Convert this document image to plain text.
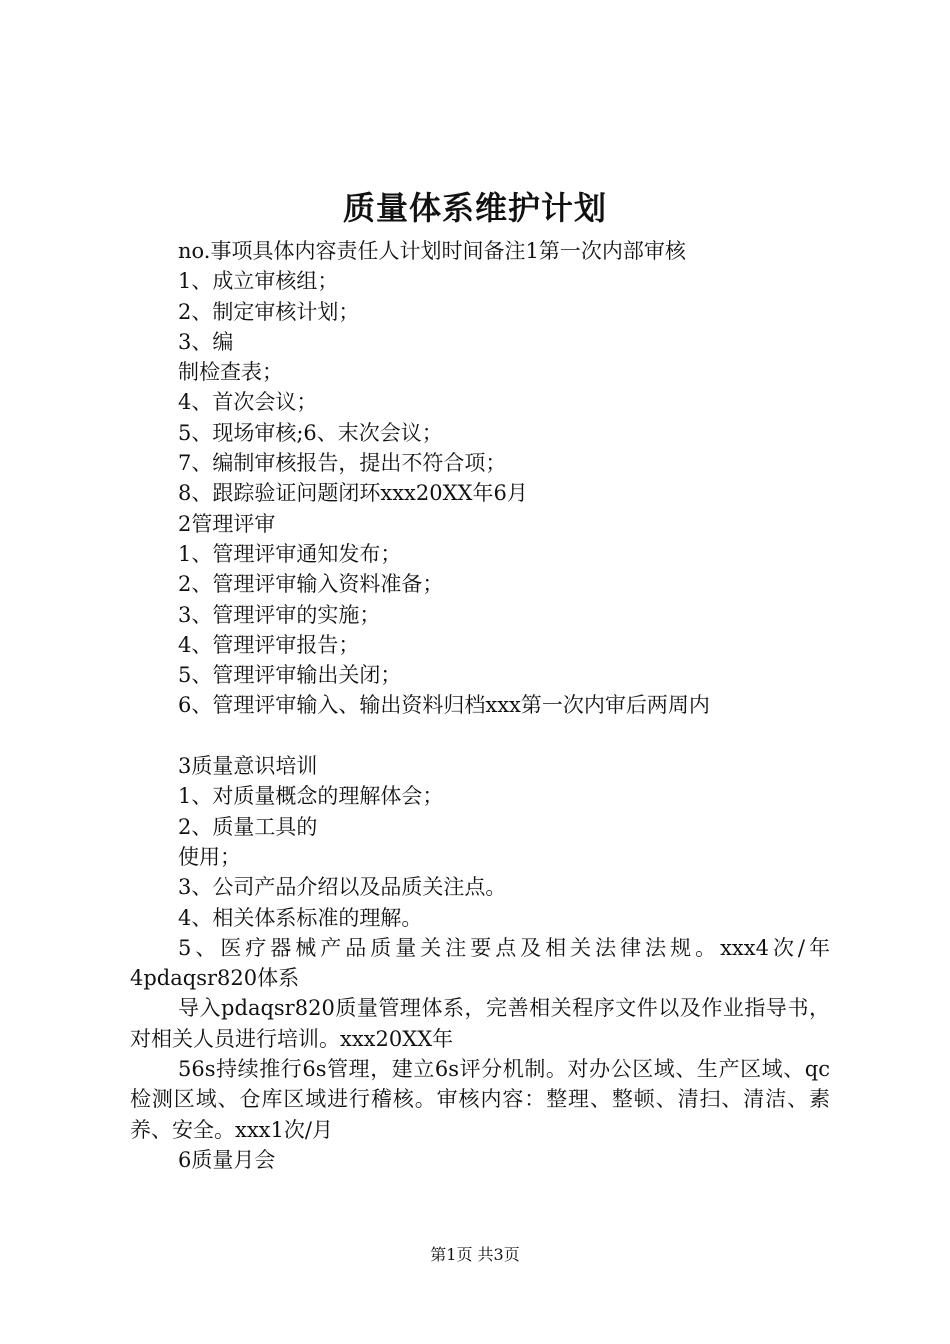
质量体系维护计划
no.事项具体内容责任人计划时间备注1第一次内部审核
1、成立审核组；
2、制定审核计划；
3、编
制检查表；
4、首次会议；
5、现场审核;6、末次会议；
7、编制审核报告，提出不符合项；
8、跟踪验证问题闭环xxx20XX年6月
2管理评审
1、管理评审通知发布；
2、管理评审输入资料准备；
3、管理评审的实施；
4、管理评审报告；
5、管理评审输出关闭；
6、管理评审输入、输出资料归档xxx第一次内审后两周内
3质量意识培训
1、对质量概念的理解体会；
2、质量工具的
使用；
3、公司产品介绍以及品质关注点。
4、相关体系标准的理解。
5、医疗器械产品质量关注要点及相关法律法规。xxx4次/年4pdaqsr820体系
导入pdaqsr820质量管理体系，完善相关程序文件以及作业指导书，对相关人员进行培训。xxx20XX年
56s持续推行6s管理，建立6s评分机制。对办公区域、生产区域、qc检测区域、仓库区域进行稽核。审核内容：整理、整顿、清扫、清洁、素养、安全。xxx1次/月
6质量月会
第1页 共3页
